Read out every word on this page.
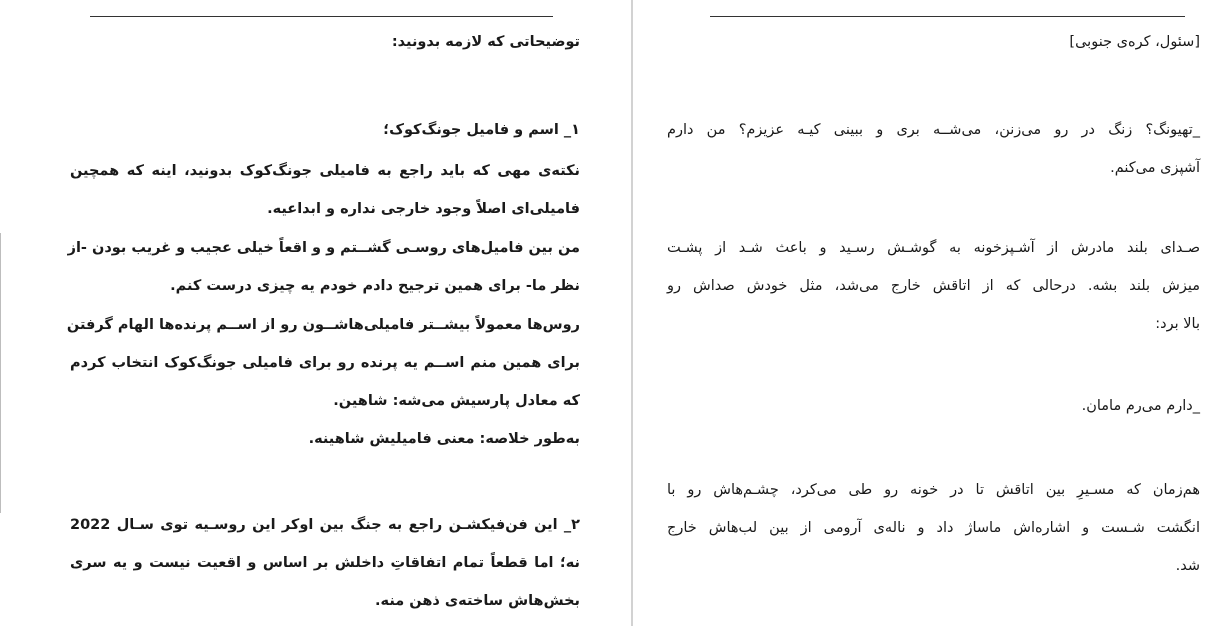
توضیحاتی که لازمه بدونید:

۱_ اسم و فامیل جونگ‌کوک؛

نکته‌ی مهی که باید راجع به فامیلی جونگ‌کوک بدونید، اینه که همچین
فامیلی‌ای اصلاً وجود خارجی نداره و ابداعیه.

من بین فامیل‌های روسـی گشــتم و و اقعاً خیلی عجیب و غریب بودن -از
نظر ما- برای همین ترجیح دادم خودم یه چیزی درست کنم.

روس‌ها معمولاً بیشــتر فامیلی‌هاشــون رو از اســم پرنده‌ها الهام گرفتن
برای همین منم اســم یه پرنده رو برای فامیلی جونگ‌کوک انتخاب کردم
که معادل پارسیش می‌شه: شاهین.

به‌طور خلاصه: معنی فامیلیش شاهینه.

۲_ این فن‌فیکشـن راجع به جنگ بین اوکر این روسـیه توی سـال 2022
نه؛ اما قطعاً تمام اتفاقاتِ داخلش بر اساس و اقعیت نیست و یه سری
بخش‌هاش ساخته‌ی ذهن منه.

[سئول، کره‌ی جنوبی]

_تهیونگ؟ زنگ در رو می‌زنن، می‌شــه بری و ببینی کیـه عزیزم؟ من دارم
آشپزی می‌کنم.

صـدای بلند مادرش از آشـپزخونه به گوشـش رسـید و باعث شـد از پشـت
میزش بلند بشه. درحالی که از اتاقش خارج می‌شد، مثل خودش صداش رو
بالا برد:

_دارم می‌رم مامان.

هم‌زمان که مسـیرِ بین اتاقش تا در خونه رو طی می‌کرد، چشـم‌هاش رو با
انگشت شـست و اشاره‌اش ماساژ داد و ناله‌ی آرومی از بین لب‌هاش خارج
شد.
